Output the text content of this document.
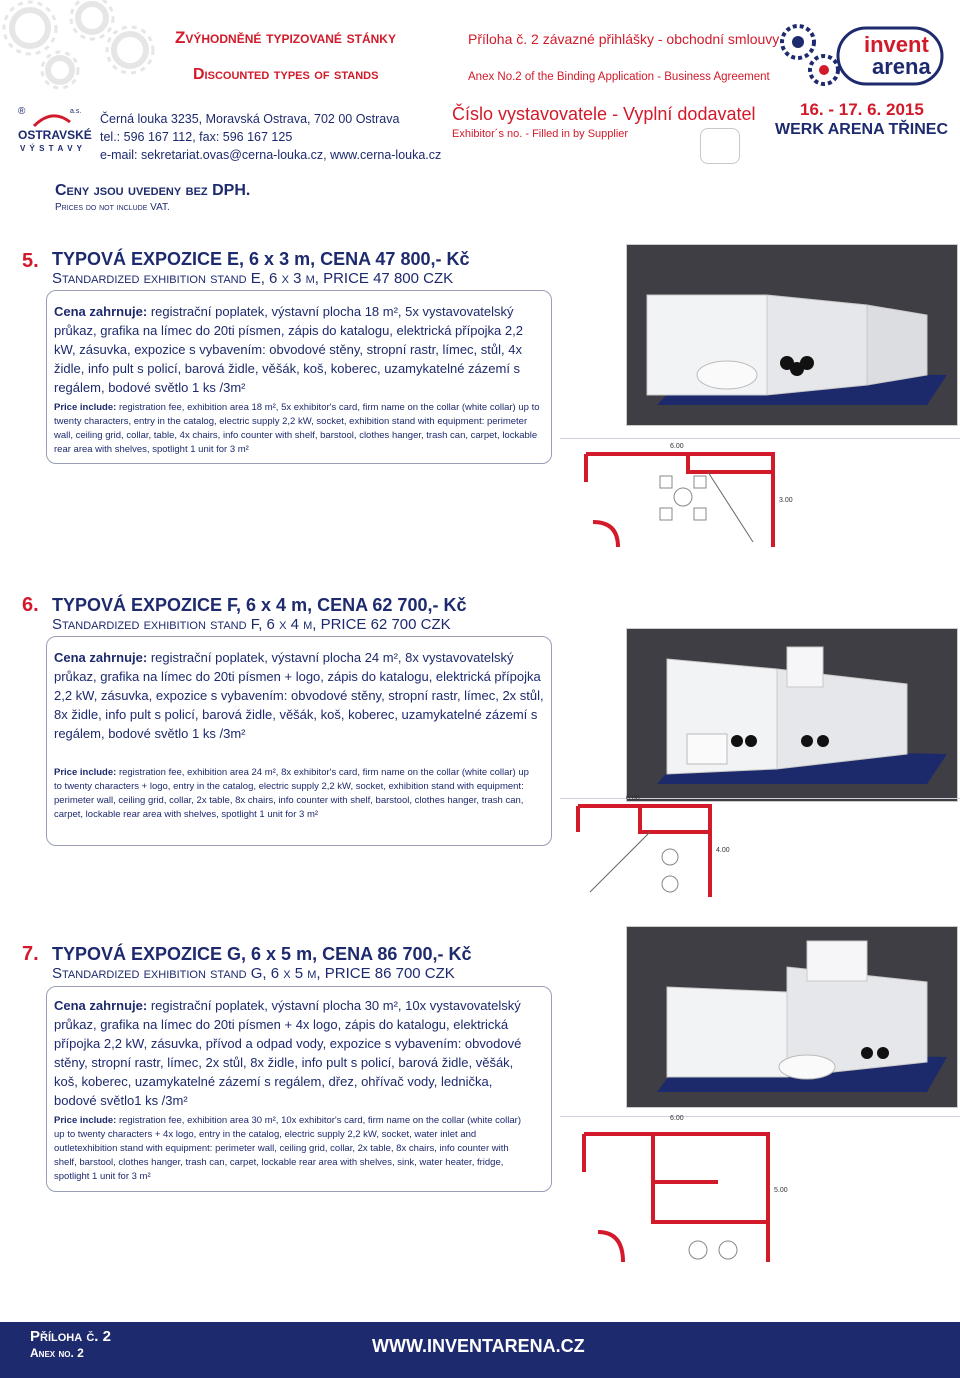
®	a.s.
OSTRAVSKÉ
V Ý S T A V Y
invent
arena
Zvýhodněné typizované stánky
Discounted types of stands
Příloha č. 2 závazné přihlášky - obchodní smlouvy
Anex No.2 of the Binding Application - Business Agreement
Černá louka 3235, Moravská Ostrava, 702 00 Ostrava
tel.: 596 167 112, fax: 596 167 125
e-mail: sekretariat.ovas@cerna-louka.cz, www.cerna-louka.cz
Číslo vystavovatele - Vyplní dodavatel
Exhibitor´s no. - Filled in by Supplier
16. - 17. 6. 2015
WERK ARENA TŘINEC
Ceny jsou uvedeny bez DPH.
Prices do not include VAT.
5. TYPOVÁ EXPOZICE E, 6 x 3 m, CENA 47 800,- Kč
Standardized exhibition stand E, 6 x 3 m, PRICE 47 800 CZK
Cena zahrnuje: registrační poplatek, výstavní plocha 18 m², 5x vystavovatelský průkaz, grafika na límec do 20ti písmen, zápis do katalogu, elektrická přípojka 2,2 kW, zásuvka, expozice s vybavením: obvodové stěny, stropní rastr, límec, stůl, 4x židle, info pult s policí, barová židle, věšák, koš, koberec, uzamykatelné zázemí s regálem, bodové světlo 1 ks /3m²
Price include: registration fee, exhibition area 18 m², 5x exhibitor's card, firm name on the collar (white collar) up to twenty characters, entry in the catalog, electric supply 2,2 kW, socket, exhibition stand with equipment: perimeter wall, ceiling grid, collar, table, 4x chairs, info counter with shelf, barstool, clothes hanger, trash can, carpet, lockable rear area with shelves, spotlight 1 unit for 3 m²	6.00
3.00
6. TYPOVÁ EXPOZICE F, 6 x 4 m, CENA 62 700,- Kč
Standardized exhibition stand F, 6 x 4 m, PRICE 62 700 CZK
Cena zahrnuje: registrační poplatek, výstavní plocha 24 m², 8x vystavovatelský průkaz, grafika na límec do 20ti písmen + logo, zápis do katalogu, elektrická přípojka 2,2 kW, zásuvka, expozice s vybavením: obvodové stěny, stropní rastr, límec, 2x stůl, 8x židle, info pult s policí, barová židle, věšák, koš, koberec, uzamykatelné zázemí s regálem, bodové světlo 1 ks /3m²
Price include: registration fee, exhibition area 24 m², 8x exhibitor's card, firm name on the collar (white collar) up to twenty characters + logo, entry in the catalog, electric supply 2,2 kW, socket, exhibition stand with equipment: perimeter wall, ceiling grid, collar, 2x table, 8x chairs, info counter with shelf, barstool, clothes hanger, trash can, carpet, lockable rear area with shelves, spotlight 1 unit for 3 m²
6.00
4.00
7. TYPOVÁ EXPOZICE G, 6 x 5 m, CENA 86 700,- Kč
Standardized exhibition stand G, 6 x 5 m, PRICE 86 700 CZK
Cena zahrnuje: registrační poplatek, výstavní plocha 30 m², 10x vystavovatelský průkaz, grafika na límec do 20ti písmen + 4x logo, zápis do katalogu, elektrická přípojka 2,2 kW, zásuvka, přívod a odpad vody, expozice s vybavením: obvodové stěny, stropní rastr, límec, 2x stůl, 8x židle, info pult s policí, barová židle, věšák, koš, koberec, uzamykatelné zázemí s regálem, dřez, ohřívač vody, lednička, bodové světlo1 ks /3m²
Price include: registration fee, exhibition area 30 m², 10x exhibitor's card, firm name on the collar (white collar) up to twenty characters + 4x logo, entry in the catalog, electric supply 2,2 kW, socket, water inlet and outletexhibition stand with equipment: perimeter wall, ceiling grid, collar, 2x table, 8x chairs, info counter with shelf, barstool, clothes hanger, trash can, carpet, lockable rear area with shelves, sink, water heater, fridge, spotlight 1 unit for 3 m²
6.00
5.00
Příloha č. 2
Anex no. 2	WWW.INVENTARENA.CZ
